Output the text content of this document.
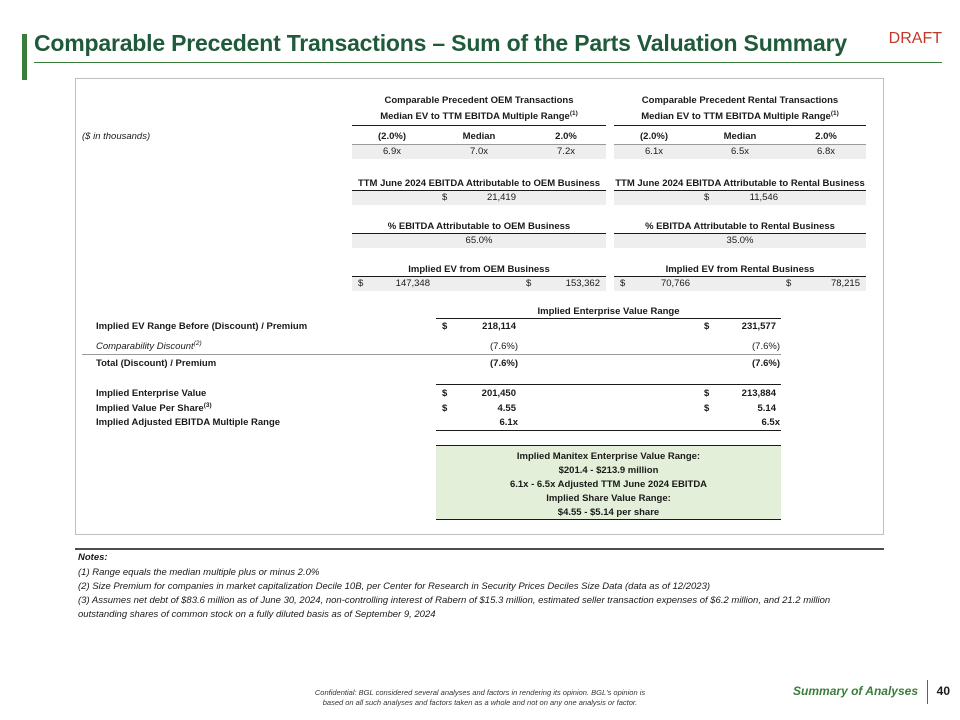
Comparable Precedent Transactions – Sum of the Parts Valuation Summary	DRAFT
Comparable Precedent OEM Transactions
Median EV to TTM EBITDA Multiple Range$^{(1)}$
Comparable Precedent Rental Transactions
Median EV to TTM EBITDA Multiple Range$^{(1)}$
($ in thousands)	(2.0%)	Median	2.0%
6.9x	7.0x	7.2x
(2.0%)	Median	2.0%
6.1x	6.5x	6.8x
TTM June 2024 EBITDA Attributable to OEM Business
$	21,419
TTM June 2024 EBITDA Attributable to Rental Business
$	11,546
% EBITDA Attributable to OEM Business
65.0%
% EBITDA Attributable to Rental Business
35.0%
Implied EV from OEM Business
$	147,348	$	153,362
Implied EV from Rental Business
$	70,766	$	78,215
Implied Enterprise Value Range
Implied EV Range Before (Discount) / Premium	$	218,114	$	231,577
Comparability Discount$^{(2)}$	(7.6%)	(7.6%)
Total (Discount) / Premium	(7.6%)	(7.6%)
Implied Enterprise Value	$	201,450	$	213,884
Implied Value Per Share$^{(3)}$	$	4.55	$	5.14
Implied Adjusted EBITDA Multiple Range	6.1x	6.5x
Implied Manitex Enterprise Value Range:
$201.4 - $213.9 million
6.1x - 6.5x Adjusted TTM June 2024 EBITDA
Implied Share Value Range:
$4.55 - $5.14 per share
Notes:
(1) Range equals the median multiple plus or minus 2.0%
(2) Size Premium for companies in market capitalization Decile 10B, per Center for Research in Security Prices Deciles Size Data (data as of 12/2023)
(3) Assumes net debt of $83.6 million as of June 30, 2024, non-controlling interest of Rabern of $15.3 million, estimated seller transaction expenses of $6.2 million, and 21.2 million
outstanding shares of common stock on a fully diluted basis as of September 9, 2024
Confidential: BGL considered several analyses and factors in rendering its opinion. BGL's opinion is
based on all such analyses and factors taken as a whole and not on any one analysis or factor.
Summary of Analyses 40
